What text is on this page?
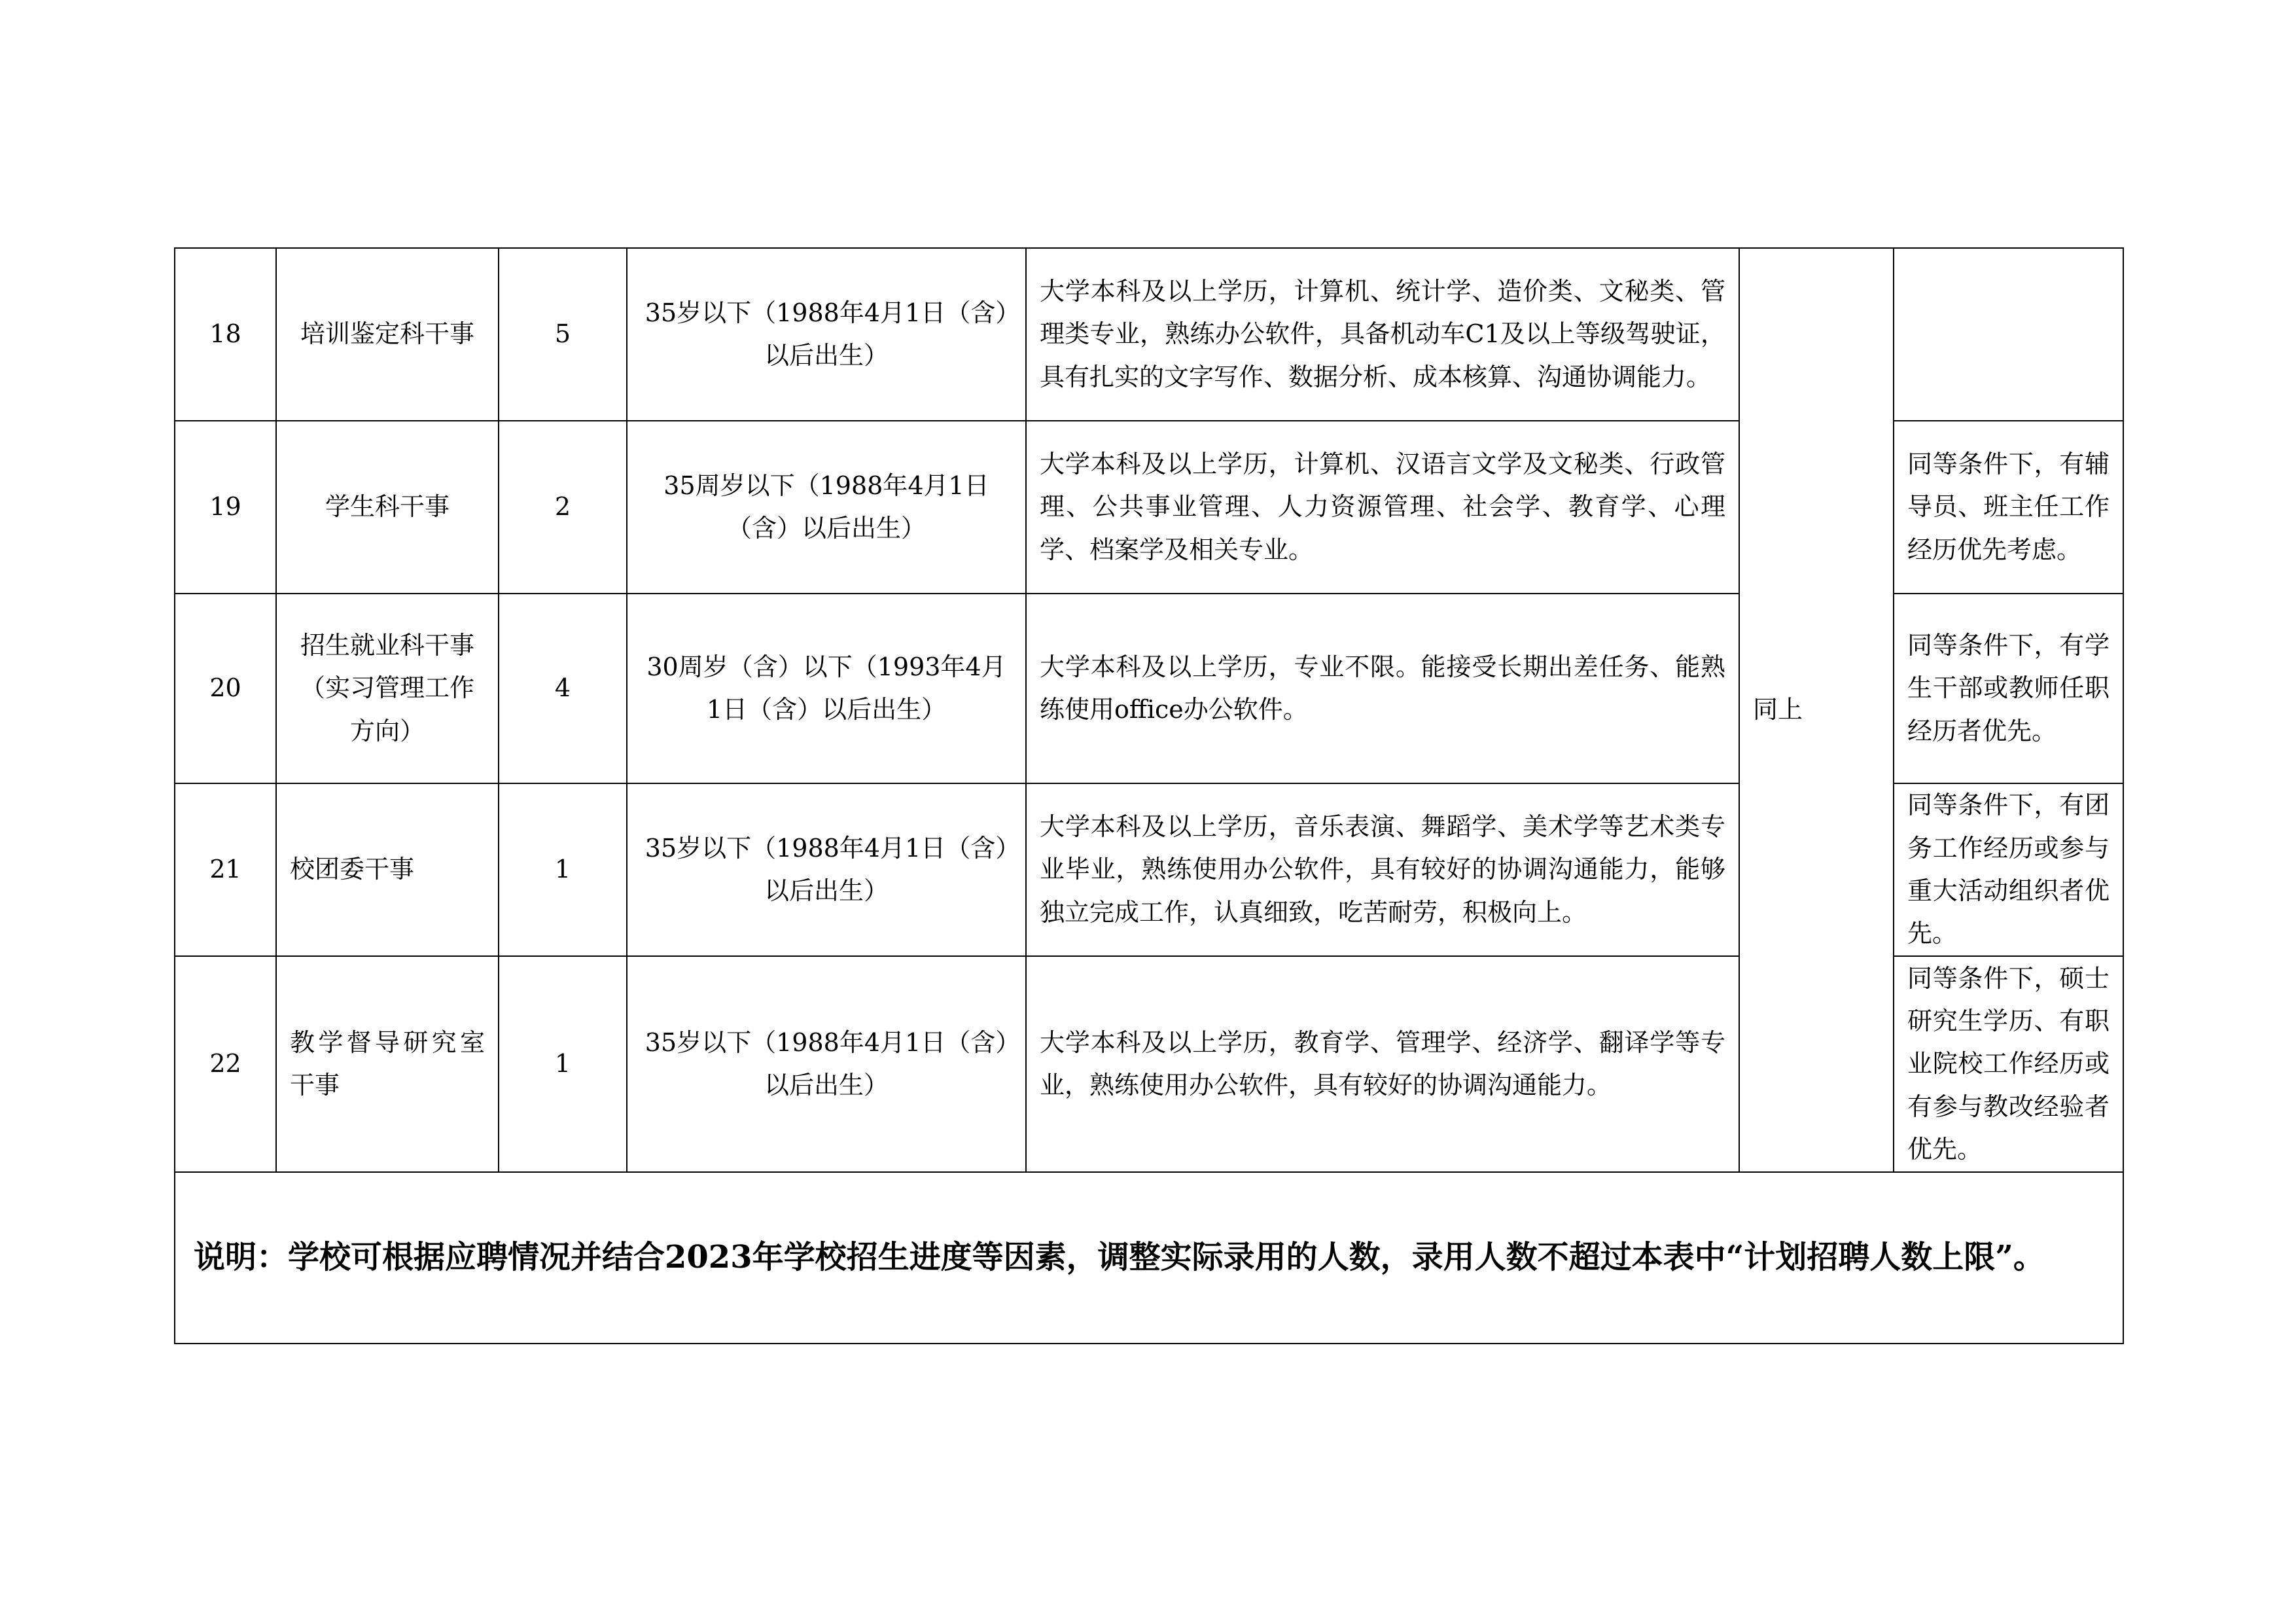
18	培训鉴定科干事	5	35岁以下（1988年4月1日（含）以后出生）	大学本科及以上学历，计算机、统计学、造价类、文秘类、管理类专业，熟练办公软件，具备机动车C1及以上等级驾驶证，具有扎实的文字写作、数据分析、成本核算、沟通协调能力。	同上	
19	学生科干事	2	35周岁以下（1988年4月1日（含）以后出生）	大学本科及以上学历，计算机、汉语言文学及文秘类、行政管理、公共事业管理、人力资源管理、社会学、教育学、心理学、档案学及相关专业。		同等条件下，有辅导员、班主任工作经历优先考虑。
20	招生就业科干事（实习管理工作方向）	4	30周岁（含）以下（1993年4月1日（含）以后出生）	大学本科及以上学历，专业不限。能接受长期出差任务、能熟练使用office办公软件。		同等条件下，有学生干部或教师任职经历者优先。
21	校团委干事	1	35岁以下（1988年4月1日（含）以后出生）	大学本科及以上学历，音乐表演、舞蹈学、美术学等艺术类专业毕业，熟练使用办公软件，具有较好的协调沟通能力，能够独立完成工作，认真细致，吃苦耐劳，积极向上。		同等条件下，有团务工作经历或参与重大活动组织者优先。
22	教学督导研究室干事	1	35岁以下（1988年4月1日（含）以后出生）	大学本科及以上学历，教育学、管理学、经济学、翻译学等专业，熟练使用办公软件，具有较好的协调沟通能力。		同等条件下，硕士研究生学历、有职业院校工作经历或有参与教改经验者优先。
说明：学校可根据应聘情况并结合2023年学校招生进度等因素，调整实际录用的人数，录用人数不超过本表中“计划招聘人数上限”。						
